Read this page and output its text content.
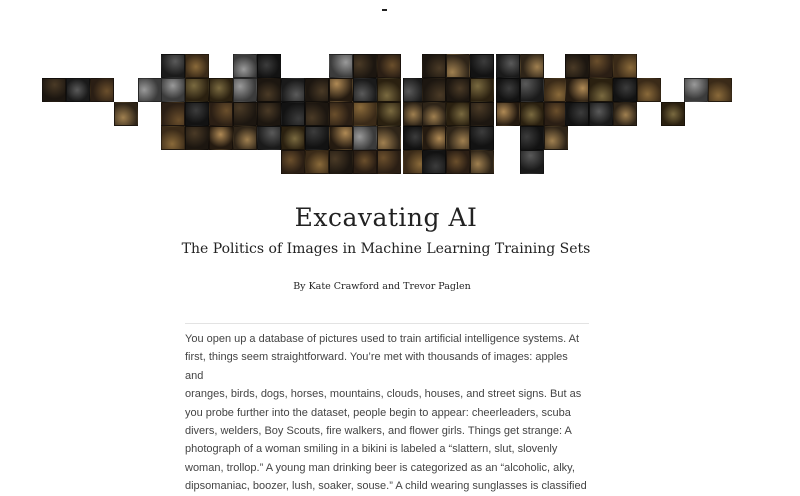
Excavating AI
The Politics of Images in Machine Learning Training Sets
By Kate Crawford and Trevor Paglen

You open up a database of pictures used to train artificial intelligence systems. At
first, things seem straightforward. You’re met with thousands of images: apples and
oranges, birds, dogs, horses, mountains, clouds, houses, and street signs. But as
you probe further into the dataset, people begin to appear: cheerleaders, scuba
divers, welders, Boy Scouts, fire walkers, and flower girls. Things get strange: A
photograph of a woman smiling in a bikini is labeled a “slattern, slut, slovenly
woman, trollop.” A young man drinking beer is categorized as an “alcoholic, alky,
dipsomaniac, boozer, lush, soaker, souse.” A child wearing sunglasses is classified
